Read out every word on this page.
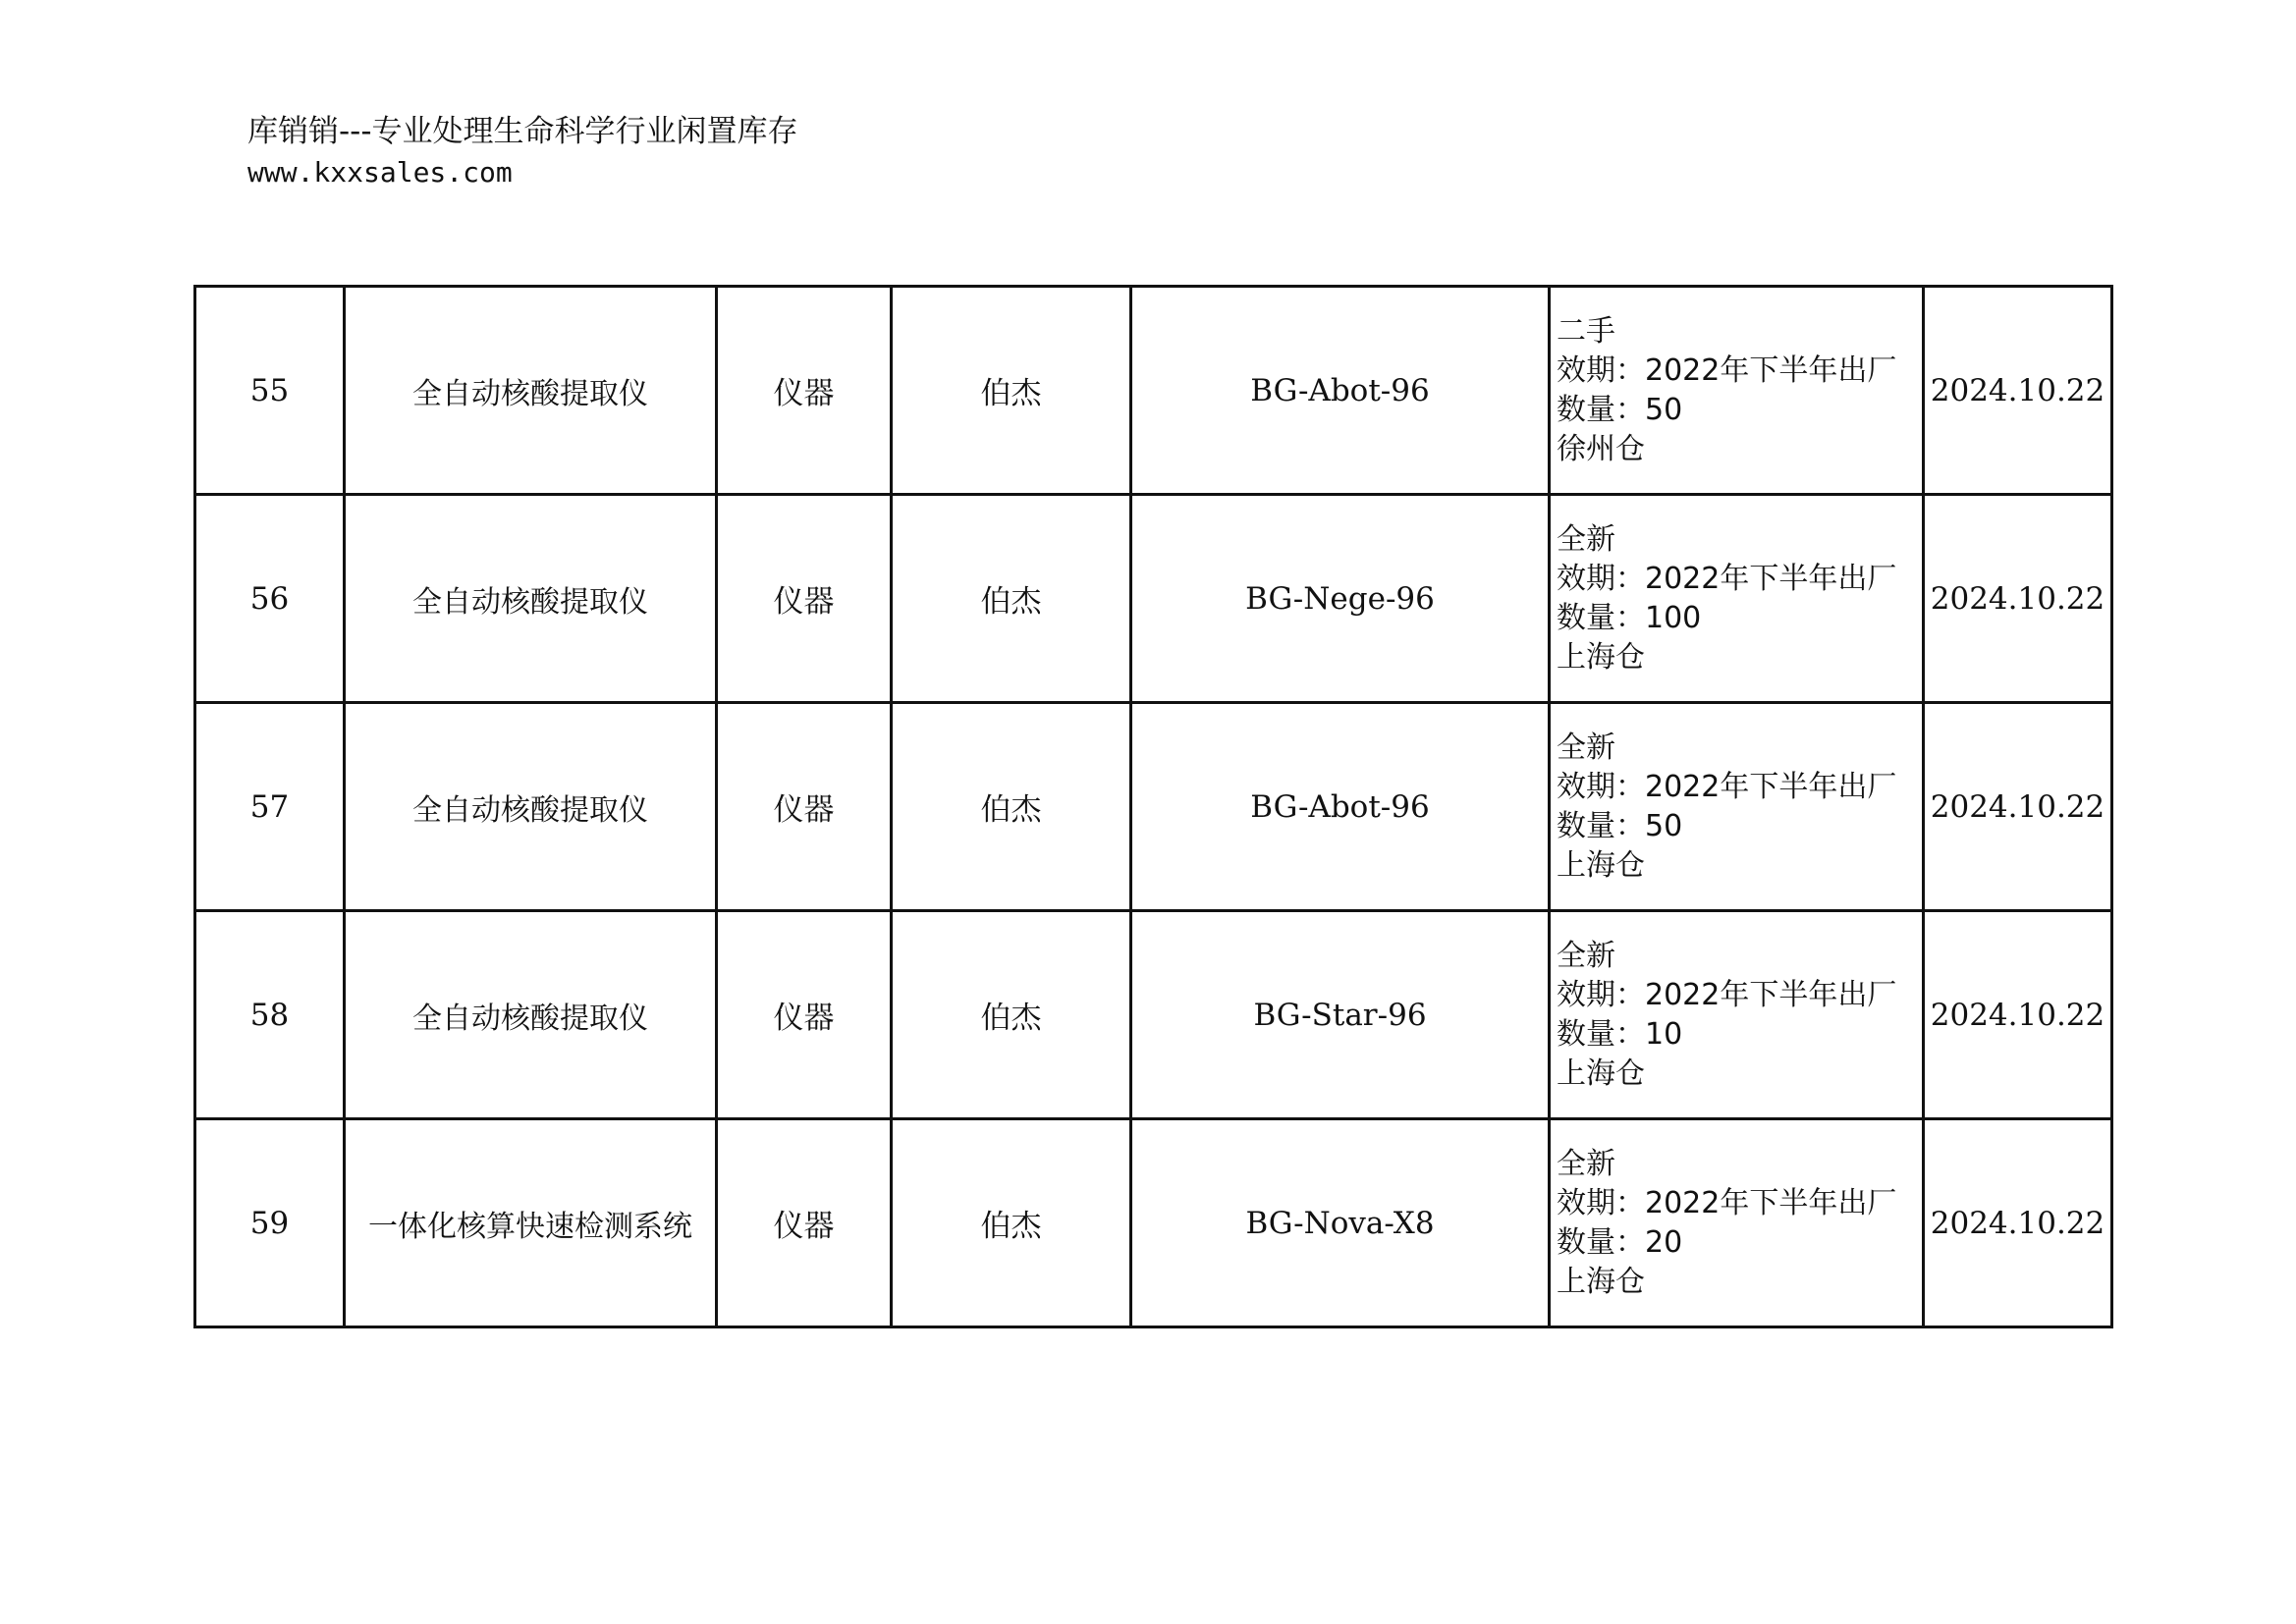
库销销---专业处理生命科学行业闲置库存
www.kxxsales.com
55	全自动核酸提取仪	仪器	伯杰	BG-Abot-96	二手
效期：2022年下半年出厂
数量：50
徐州仓	2024.10.22
56	全自动核酸提取仪	仪器	伯杰	BG-Nege-96	全新
效期：2022年下半年出厂
数量：100
上海仓	2024.10.22
57	全自动核酸提取仪	仪器	伯杰	BG-Abot-96	全新
效期：2022年下半年出厂
数量：50
上海仓	2024.10.22
58	全自动核酸提取仪	仪器	伯杰	BG-Star-96	全新
效期：2022年下半年出厂
数量：10
上海仓	2024.10.22
59	一体化核算快速检测系统	仪器	伯杰	BG-Nova-X8	全新
效期：2022年下半年出厂
数量：20
上海仓	2024.10.22
